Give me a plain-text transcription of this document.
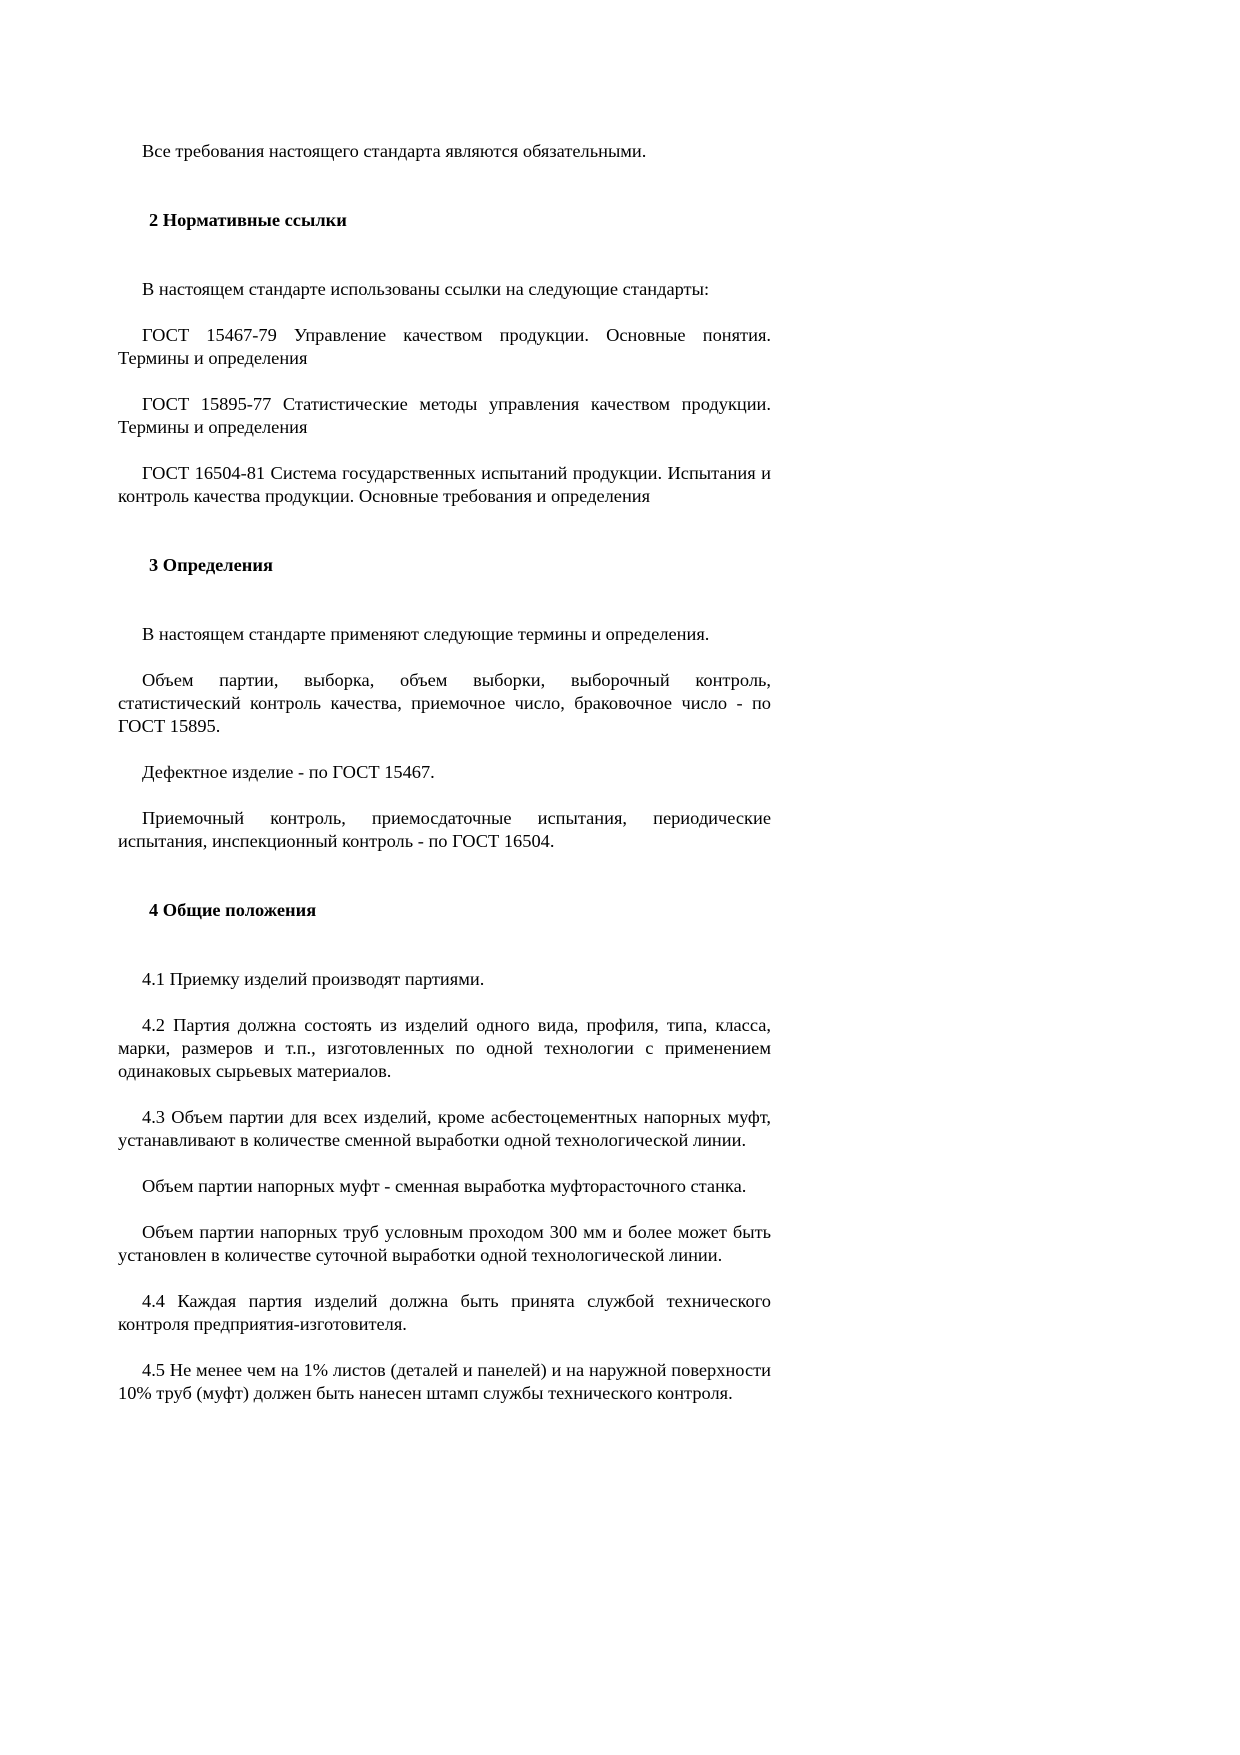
Все требования настоящего стандарта являются обязательными.

2 Нормативные ссылки

В настоящем стандарте использованы ссылки на следующие стандарты:

ГОСТ 15467-79 Управление качеством продукции. Основные понятия. Термины и определения

ГОСТ 15895-77 Статистические методы управления качеством продукции. Термины и определения

ГОСТ 16504-81 Система государственных испытаний продукции. Испытания и контроль качества продукции. Основные требования и определения

3 Определения

В настоящем стандарте применяют следующие термины и определения.

Объем партии, выборка, объем выборки, выборочный контроль, статистический контроль качества, приемочное число, браковочное число - по ГОСТ 15895.

Дефектное изделие - по ГОСТ 15467.

Приемочный контроль, приемосдаточные испытания, периодические испытания, инспекционный контроль - по ГОСТ 16504.

4 Общие положения

4.1 Приемку изделий производят партиями.

4.2 Партия должна состоять из изделий одного вида, профиля, типа, класса, марки, размеров и т.п., изготовленных по одной технологии с применением одинаковых сырьевых материалов.

4.3 Объем партии для всех изделий, кроме асбестоцементных напорных муфт, устанавливают в количестве сменной выработки одной технологической линии.

Объем партии напорных муфт - сменная выработка муфторасточного станка.

Объем партии напорных труб условным проходом 300 мм и более может быть установлен в количестве суточной выработки одной технологической линии.

4.4 Каждая партия изделий должна быть принята службой технического контроля предприятия-изготовителя.

4.5 Не менее чем на 1% листов (деталей и панелей) и на наружной поверхности 10% труб (муфт) должен быть нанесен штамп службы технического контроля.
